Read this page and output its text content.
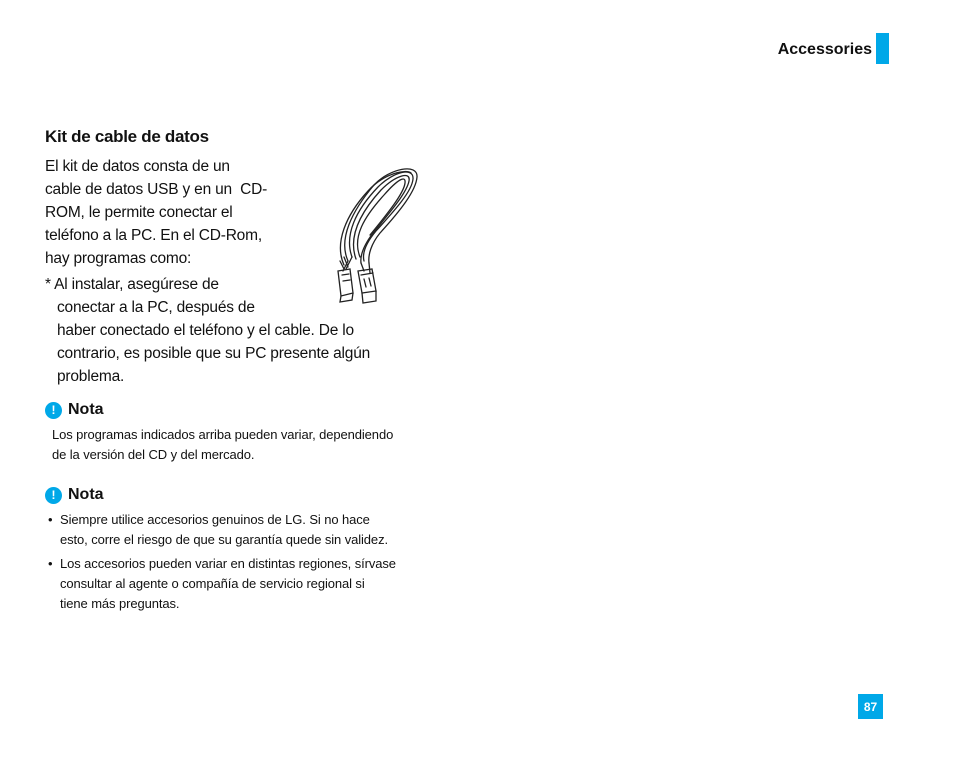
Accessories
Kit de cable de datos
El kit de datos consta de un
cable de datos USB y en un  CD-
ROM, le permite conectar el
teléfono a la PC. En el CD-Rom,
hay programas como:
* Al instalar, asegúrese de
conectar a la PC, después de
haber conectado el teléfono y el cable. De lo
contrario, es posible que su PC presente algún
problema.
! Nota
Los programas indicados arriba pueden variar, dependiendo
de la versión del CD y del mercado.
! Nota
• Siempre utilice accesorios genuinos de LG. Si no hace
esto, corre el riesgo de que su garantía quede sin validez.
• Los accesorios pueden variar en distintas regiones, sírvase
consultar al agente o compañía de servicio regional si
tiene más preguntas.
87
